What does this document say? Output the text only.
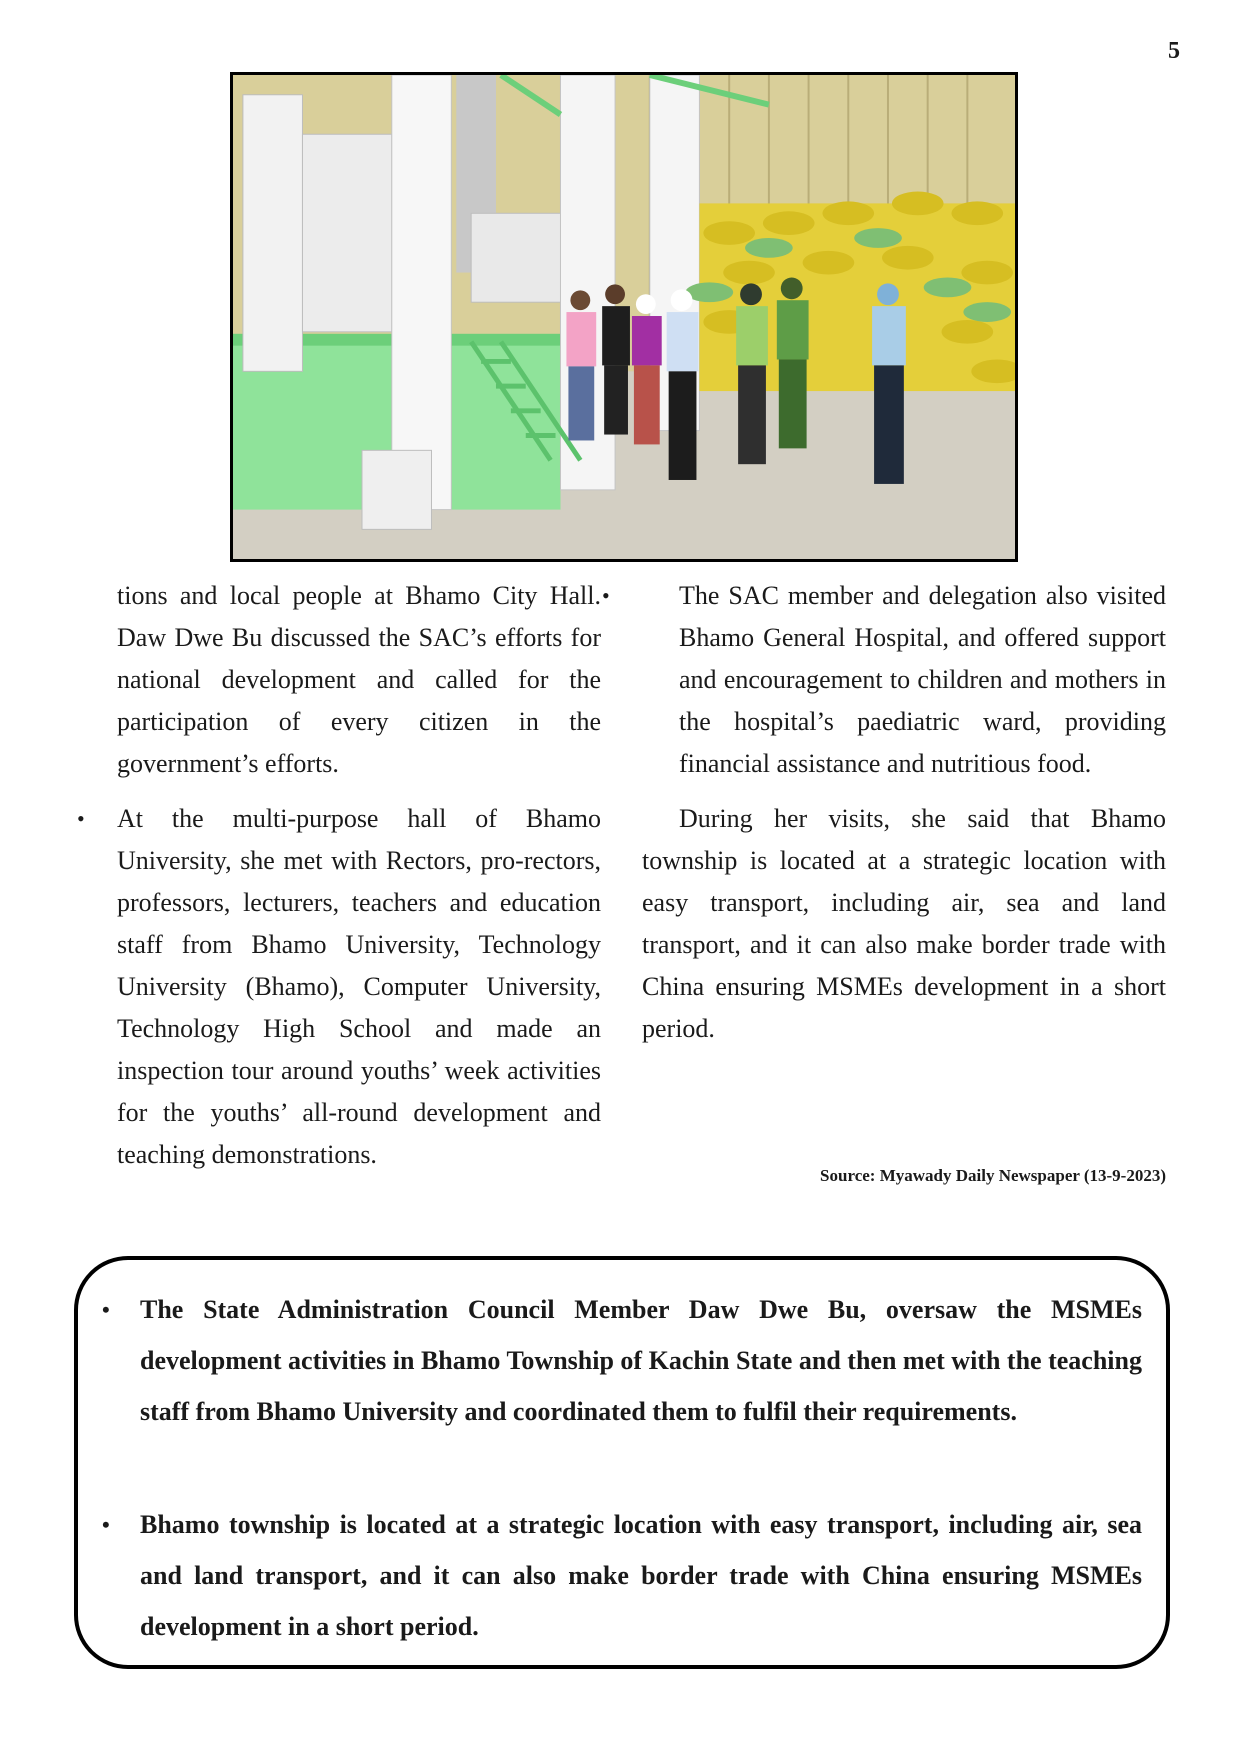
5

tions and local people at Bhamo City Hall. Daw Dwe Bu discussed the SAC’s efforts for national development and called for the participation of every citizen in the government’s efforts.

• At the multi-purpose hall of Bhamo University, she met with Rectors, pro-rectors, professors, lecturers, teachers and education staff from Bhamo University, Technology University (Bhamo), Computer University, Technology High School and made an inspection tour around youths’ week activities for the youths’ all-round development and teaching demonstrations.

•	The SAC member and delegation also visited Bhamo General Hospital, and offered support and encouragement to children and mothers in the hospital’s paediatric ward, providing financial assistance and nutritious food.

During her visits, she said that Bhamo township is located at a strategic location with easy transport, including air, sea and land transport, and it can also make border trade with China ensuring MSMEs development in a short period.

Source: Myawady Daily Newspaper (13-9-2023)
• The State Administration Council Member Daw Dwe Bu, oversaw the MSMEs development activities in Bhamo Township of Kachin State and then met with the teaching staff from Bhamo University and coordinated them to fulfil their requirements.
• Bhamo township is located at a strategic location with easy transport, including air, sea and land transport, and it can also make border trade with China ensuring MSMEs development in a short period.
